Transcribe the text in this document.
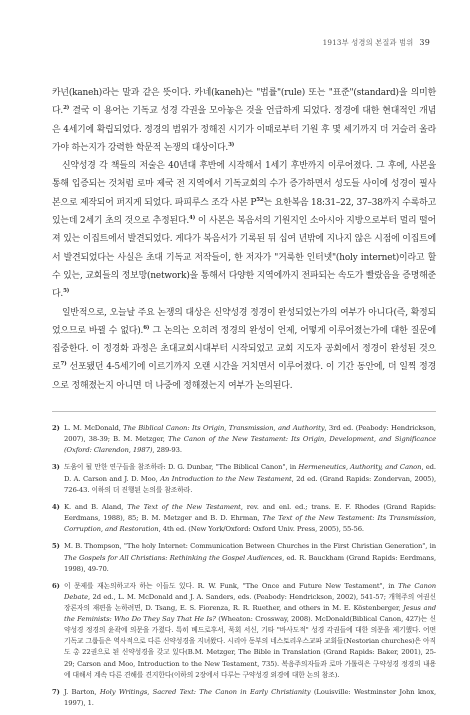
1913부 성경의 본질과 범위 39

카넌(kaneh)라는 말과 같은 뜻이다. 카네(kaneh)는 "법률"(rule) 또는 "표준"(standard)을 의미한다.$^{2)}$ 결국 이 용어는 기독교 성경 각권을 모아놓은 것을 언급하게 되었다. 정경에 대한 현대적인 개념은 4세기에 확립되었다. 정경의 범위가 정해진 시기가 이때로부터 기원 후 몇 세기까지 더 거슬러 올라가야 하는지가 강력한 학문적 논쟁의 대상이다.$^{3)}$

신약성경 각 책들의 저술은 40년대 후반에 시작해서 1세기 후반까지 이루어졌다. 그 후에, 사본을 통해 입증되는 것처럼 로마 제국 전 지역에서 기독교회의 수가 증가하면서 성도들 사이에 성경이 필사본으로 제작되어 퍼지게 되었다. 파피루스 조각 사본 $P^{52}$는 요한복음 18:31–22, 37–38까지 수록하고 있는데 2세기 초의 것으로 추정된다.$^{4)}$ 이 사본은 복음서의 기원지인 소아시아 지방으로부터 멀리 떨어져 있는 이집트에서 발견되었다. 게다가 복음서가 기록된 뒤 십여 년밖에 지나지 않은 시점에 이집트에서 발견되었다는 사실은 초대 기독교 저작들이, 한 저자가 "거룩한 인터넷"(holy internet)이라고 할 수 있는, 교회들의 정보망(network)을 통해서 다양한 지역에까지 전파되는 속도가 빨랐음을 증명해준다.$^{5)}$

일반적으로, 오늘날 주요 논쟁의 대상은 신약성경 정경이 완성되었는가의 여부가 아니다(즉, 확정되었으므로 바뀔 수 없다).$^{6)}$ 그 논의는 오히려 정경의 완성이 언제, 어떻게 이루어졌는가에 대한 질문에 집중한다. 이 정경화 과정은 초대교회시대부터 시작되었고 교회 지도자 공회에서 정경이 완성된 것으로$^{7)}$ 선포됐던 4-5세기에 이르기까지 오랜 시간을 거치면서 이루어졌다. 이 기간 동안에, 더 일찍 정경으로 정해졌는지 아니면 더 나중에 정해졌는지 여부가 논의된다.

2) L. M. McDonald, The Biblical Canon: Its Origin, Transmission, and Authority, 3rd ed. (Peabody: Hendrickson, 2007), 38-39; B. M. Metzger, The Canon of the New Testament: Its Origin, Development, and Significance (Oxford: Clarendon, 1987), 289-93.
3) 도움이 될 만한 연구들을 참조하라: D. G. Dunbar, "The Biblical Canon", in Hermeneutics, Authority, and Canon, ed. D. A. Carson and J. D. Moo, An Introduction to the New Testament, 2d ed. (Grand Rapids: Zondervan, 2005), 726-43. 이하의 더 진행된 논의를 참조하라.
4) K. and B. Aland, The Text of the New Testament, rev. and enl. ed.; trans. E. F. Rhodes (Grand Rapids: Eerdmans, 1988), 85; B. M. Metzger and B. D. Ehrman, The Text of the New Testament: Its Transmission, Corruption, and Restoration, 4th ed. (New York/Oxford: Oxford Univ. Press, 2005), 55-56.
5) M. B. Thompson, "The holy Internet: Communication Between Churches in the First Christian Generation", in The Gospels for All Christians: Rethinking the Gospel Audiences, ed. R. Bauckham (Grand Rapids: Eerdmans, 1998), 49-70.
6) 이 문제를 재논의하고자 하는 이들도 있다. R. W. Funk, "The Once and Future New Testament", in The Canon Debate, 2d ed., L. M. McDonald and J. A. Sanders, eds. (Peabody: Hendrickson, 2002), 541-57; 개혁주의 여권신장론자의 재편을 논하려면, D. Tsang, E. S. Fiorenza, R. R. Ruether, and others in M. E. Köstenberger, Jesus and the Feminists: Who Do They Say That He Is? (Wheaton: Crossway, 2008). McDonald(Biblical Canon, 427)는 신약성경 정경의 윤곽에 의문을 가졌다. 특히 베드로후서, 묵회 서신, 기타 "바사도적" 성경 각권들에 대한 의문을 제기했다. 어떤 기독교 그룹들은 역사적으로 다른 신약성경을 지녀왔다. 시리아 동부의 네스토리우스교파 교회들(Nestorian churches)은 아직도 총 22권으로 된 신약성경을 갖고 있다(B.M. Metzger, The Bible in Translation (Grand Rapids: Baker, 2001), 25-29; Carson and Moo, Introduction to the New Testament, 735). 복음주의자들과 로마 가톨릭은 구약성경 정경의 내용에 대해서 계속 다른 견해를 견지한다(이하의 2장에서 다루는 구약성경 외경에 대한 논의 참조).
7) J. Barton, Holy Writings, Sacred Text: The Canon in Early Christianity (Louisville: Westminster John knox, 1997), 1.
